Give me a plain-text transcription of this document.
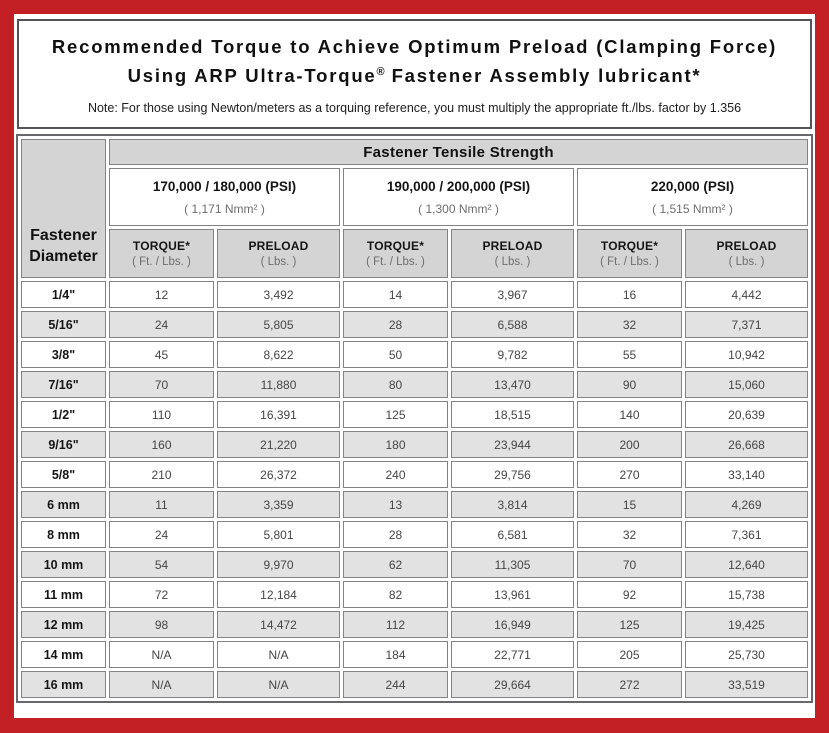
Recommended Torque to Achieve Optimum Preload (Clamping Force)
Using ARP Ultra-Torque® Fastener Assembly lubricant*
Note: For those using Newton/meters as a torquing reference, you must multiply the appropriate ft./lbs. factor by 1.356
Fastener
Diameter	Fastener Tensile Strength					

170,000 / 180,000 (PSI)
( 1,171 Nmm² )

190,000 / 200,000 (PSI)
( 1,300 Nmm² )

220,000 (PSI)
( 1,515 Nmm² )

TORQUE*
( Ft. / Lbs. )

PRELOAD
( Lbs. )

TORQUE*
( Ft. / Lbs. )

PRELOAD
( Lbs. )

TORQUE*
( Ft. / Lbs. )

PRELOAD
( Lbs. )

1/4"	12	3,492	14	3,967	16	4,442
5/16"	24	5,805	28	6,588	32	7,371
3/8"	45	8,622	50	9,782	55	10,942
7/16"	70	11,880	80	13,470	90	15,060
1/2"	110	16,391	125	18,515	140	20,639
9/16"	160	21,220	180	23,944	200	26,668
5/8"	210	26,372	240	29,756	270	33,140
6 mm	11	3,359	13	3,814	15	4,269
8 mm	24	5,801	28	6,581	32	7,361
10 mm	54	9,970	62	11,305	70	12,640
11 mm	72	12,184	82	13,961	92	15,738
12 mm	98	14,472	112	16,949	125	19,425
14 mm	N/A	N/A	184	22,771	205	25,730
16 mm	N/A	N/A	244	29,664	272	33,519
